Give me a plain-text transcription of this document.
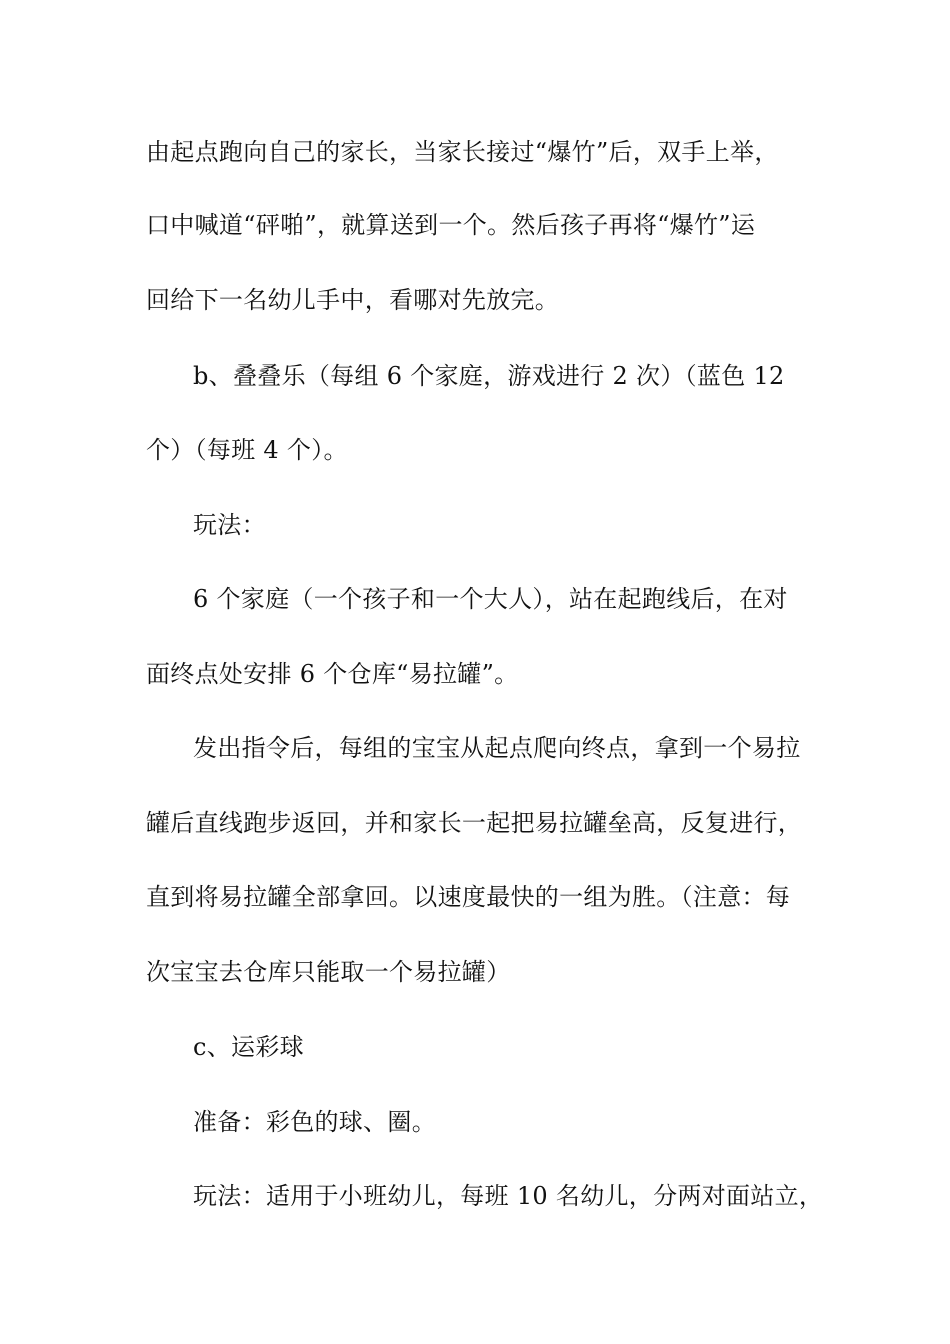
由起点跑向自己的家长，当家长接过“爆竹”后，双手上举，
口中喊道“砰啪”，就算送到一个。然后孩子再将“爆竹”运
回给下一名幼儿手中，看哪对先放完。
b、叠叠乐（每组 6 个家庭，游戏进行 2 次）（蓝色 12
个）（每班 4 个）。
玩法：
6 个家庭（一个孩子和一个大人），站在起跑线后，在对
面终点处安排 6 个仓库“易拉罐”。
发出指令后，每组的宝宝从起点爬向终点，拿到一个易拉
罐后直线跑步返回，并和家长一起把易拉罐垒高，反复进行，
直到将易拉罐全部拿回。以速度最快的一组为胜。（注意：每
次宝宝去仓库只能取一个易拉罐）
c、运彩球
准备：彩色的球、圈。
玩法：适用于小班幼儿，每班 10 名幼儿，分两对面站立，
